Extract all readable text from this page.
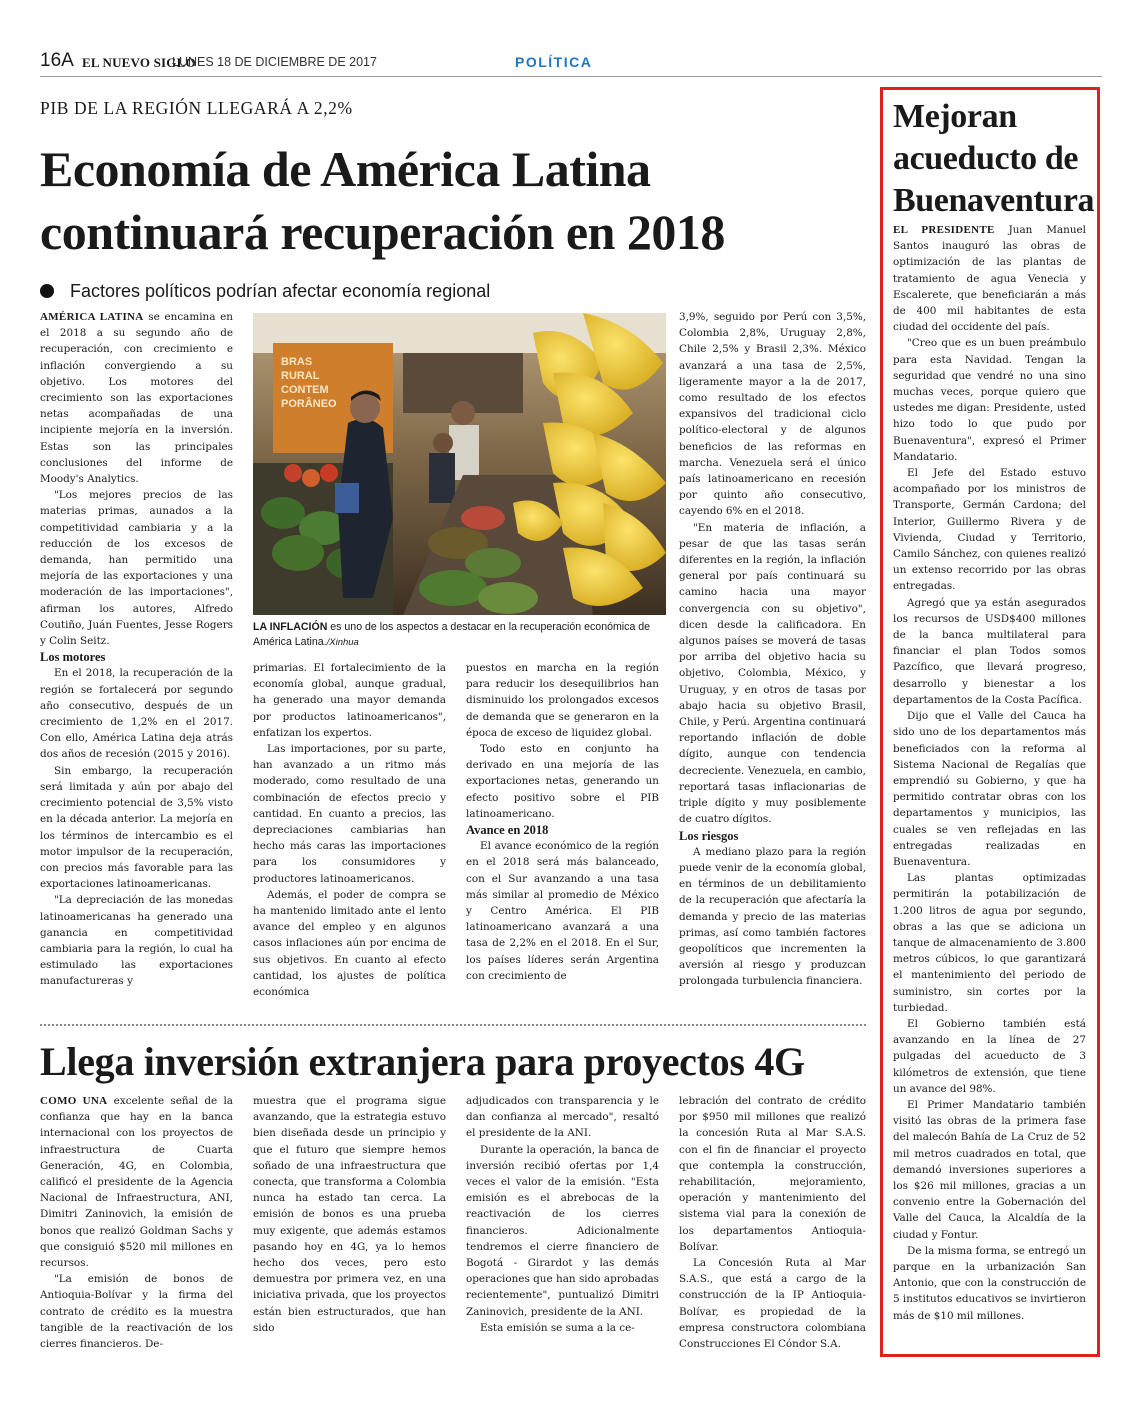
16A EL NUEVO SIGLO
LUNES 18 DE DICIEMBRE DE 2017	POLÍTICA
PIB DE LA REGIÓN LLEGARÁ A 2,2%
Economía de América Latina
continuará recuperación en 2018
Factores políticos podrían afectar economía regional

AMÉRICA LATINA se encamina en el 2018 a su segundo año de recuperación, con crecimiento e inflación convergiendo a su objetivo. Los motores del crecimiento son las exportaciones netas acompañadas de una incipiente mejoría en la inversión. Estas son las principales conclusiones del informe de Moody's Analytics.

"Los mejores precios de las materias primas, aunados a la competitividad cambiaria y a la reducción de los excesos de demanda, han permitido una mejoría de las exportaciones y una moderación de las importaciones", afirman los autores, Alfredo Coutiño, Juán Fuentes, Jesse Rogers y Colin Seitz.

Los motores

En el 2018, la recuperación de la región se fortalecerá por segundo año consecutivo, después de un crecimiento de 1,2% en el 2017. Con ello, América Latina deja atrás dos años de recesión (2015 y 2016).

Sin embargo, la recuperación será limitada y aún por abajo del crecimiento potencial de 3,5% visto en la década anterior. La mejoría en los términos de intercambio es el motor impulsor de la recuperación, con precios más favorable para las exportaciones latinoamericanas.

"La depreciación de las monedas latinoamericanas ha generado una ganancia en competitividad cambiaria para la región, lo cual ha estimulado las exportaciones manufactureras y

BRAS
RURAL
CONTEM
PORÂNEO
LA INFLACIÓN es uno de los aspectos a destacar en la recuperación económica de América Latina./Xinhua

primarias. El fortalecimiento de la economía global, aunque gradual, ha generado una mayor demanda por productos latinoamericanos", enfatizan los expertos.

Las importaciones, por su parte, han avanzado a un ritmo más moderado, como resultado de una combinación de efectos precio y cantidad. En cuanto a precios, las depreciaciones cambiarias han hecho más caras las importaciones para los consumidores y productores latinoamericanos.

Además, el poder de compra se ha mantenido limitado ante el lento avance del empleo y en algunos casos inflaciones aún por encima de sus objetivos. En cuanto al efecto cantidad, los ajustes de política económica

puestos en marcha en la región para reducir los desequilibrios han disminuido los prolongados excesos de demanda que se generaron en la época de exceso de liquidez global.

Todo esto en conjunto ha derivado en una mejoría de las exportaciones netas, generando un efecto positivo sobre el PIB latinoamericano.

Avance en 2018

El avance económico de la región en el 2018 será más balanceado, con el Sur avanzando a una tasa más similar al promedio de México y Centro América. El PIB latinoamericano avanzará a una tasa de 2,2% en el 2018. En el Sur, los países líderes serán Argentina con crecimiento de

3,9%, seguido por Perú con 3,5%, Colombia 2,8%, Uruguay 2,8%, Chile 2,5% y Brasil 2,3%. México avanzará a una tasa de 2,5%, ligeramente mayor a la de 2017, como resultado de los efectos expansivos del tradicional ciclo político-electoral y de algunos beneficios de las reformas en marcha. Venezuela será el único país latinoamericano en recesión por quinto año consecutivo, cayendo 6% en el 2018.

"En materia de inflación, a pesar de que las tasas serán diferentes en la región, la inflación general por país continuará su camino hacia una mayor convergencia con su objetivo", dicen desde la calificadora. En algunos países se moverá de tasas por arriba del objetivo hacia su objetivo, Colombia, México, y Uruguay, y en otros de tasas por abajo hacia su objetivo Brasil, Chile, y Perú. Argentina continuará reportando inflación de doble dígito, aunque con tendencia decreciente. Venezuela, en cambio, reportará tasas inflacionarias de triple dígito y muy posiblemente de cuatro dígitos.

Los riesgos

A mediano plazo para la región puede venir de la economía global, en términos de un debilitamiento de la recuperación que afectaría la demanda y precio de las materias primas, así como también factores geopolíticos que incrementen la aversión al riesgo y produzcan prolongada turbulencia financiera.

Llega inversión extranjera para proyectos 4G

COMO UNA excelente señal de la confianza que hay en la banca internacional con los proyectos de infraestructura de Cuarta Generación, 4G, en Colombia, calificó el presidente de la Agencia Nacional de Infraestructura, ANI, Dimitri Zaninovich, la emisión de bonos que realizó Goldman Sachs y que consiguió $520 mil millones en recursos.

"La emisión de bonos de Antioquia-Bolívar y la firma del contrato de crédito es la muestra tangible de la reactivación de los cierres financieros. De-

muestra que el programa sigue avanzando, que la estrategia estuvo bien diseñada desde un principio y que el futuro que siempre hemos soñado de una infraestructura que conecta, que transforma a Colombia nunca ha estado tan cerca. La emisión de bonos es una prueba muy exigente, que además estamos pasando hoy en 4G, ya lo hemos hecho dos veces, pero esto demuestra por primera vez, en una iniciativa privada, que los proyectos están bien estructurados, que han sido

adjudicados con transparencia y le dan confianza al mercado", resaltó el presidente de la ANI.

Durante la operación, la banca de inversión recibió ofertas por 1,4 veces el valor de la emisión. "Esta emisión es el abrebocas de la reactivación de los cierres financieros. Adicionalmente tendremos el cierre financiero de Bogotá - Girardot y las demás operaciones que han sido aprobadas recientemente", puntualizó Dimitri Zaninovich, presidente de la ANI.

Esta emisión se suma a la ce-

lebración del contrato de crédito por $950 mil millones que realizó la concesión Ruta al Mar S.A.S. con el fin de financiar el proyecto que contempla la construcción, rehabilitación, mejoramiento, operación y mantenimiento del sistema vial para la conexión de los departamentos Antioquia-Bolívar.

La Concesión Ruta al Mar S.A.S., que está a cargo de la construcción de la IP Antioquia-Bolívar, es propiedad de la empresa constructora colombiana Construcciones El Cóndor S.A.

Mejoran
acueducto de
Buenaventura

EL PRESIDENTE Juan Manuel Santos inauguró las obras de optimización de las plantas de tratamiento de agua Venecia y Escalerete, que beneficiarán a más de 400 mil habitantes de esta ciudad del occidente del país.

"Creo que es un buen preámbulo para esta Navidad. Tengan la seguridad que vendré no una sino muchas veces, porque quiero que ustedes me digan: Presidente, usted hizo todo lo que pudo por Buenaventura", expresó el Primer Mandatario.

El Jefe del Estado estuvo acompañado por los ministros de Transporte, Germán Cardona; del Interior, Guillermo Rivera y de Vivienda, Ciudad y Territorio, Camilo Sánchez, con quienes realizó un extenso recorrido por las obras entregadas.

Agregó que ya están asegurados los recursos de USD$400 millones de la banca multilateral para financiar el plan Todos somos Pazcífico, que llevará progreso, desarrollo y bienestar a los departamentos de la Costa Pacífica.

Dijo que el Valle del Cauca ha sido uno de los departamentos más beneficiados con la reforma al Sistema Nacional de Regalías que emprendió su Gobierno, y que ha permitido contratar obras con los departamentos y municipios, las cuales se ven reflejadas en las entregadas realizadas en Buenaventura.

Las plantas optimizadas permitirán la potabilización de 1.200 litros de agua por segundo, obras a las que se adiciona un tanque de almacenamiento de 3.800 metros cúbicos, lo que garantizará el mantenimiento del periodo de suministro, sin cortes por la turbiedad.

El Gobierno también está avanzando en la línea de 27 pulgadas del acueducto de 3 kilómetros de extensión, que tiene un avance del 98%.

El Primer Mandatario también visitó las obras de la primera fase del malecón Bahía de La Cruz de 52 mil metros cuadrados en total, que demandó inversiones superiores a los $26 mil millones, gracias a un convenio entre la Gobernación del Valle del Cauca, la Alcaldía de la ciudad y Fontur.

De la misma forma, se entregó un parque en la urbanización San Antonio, que con la construcción de 5 institutos educativos se invirtieron más de $10 mil millones.
